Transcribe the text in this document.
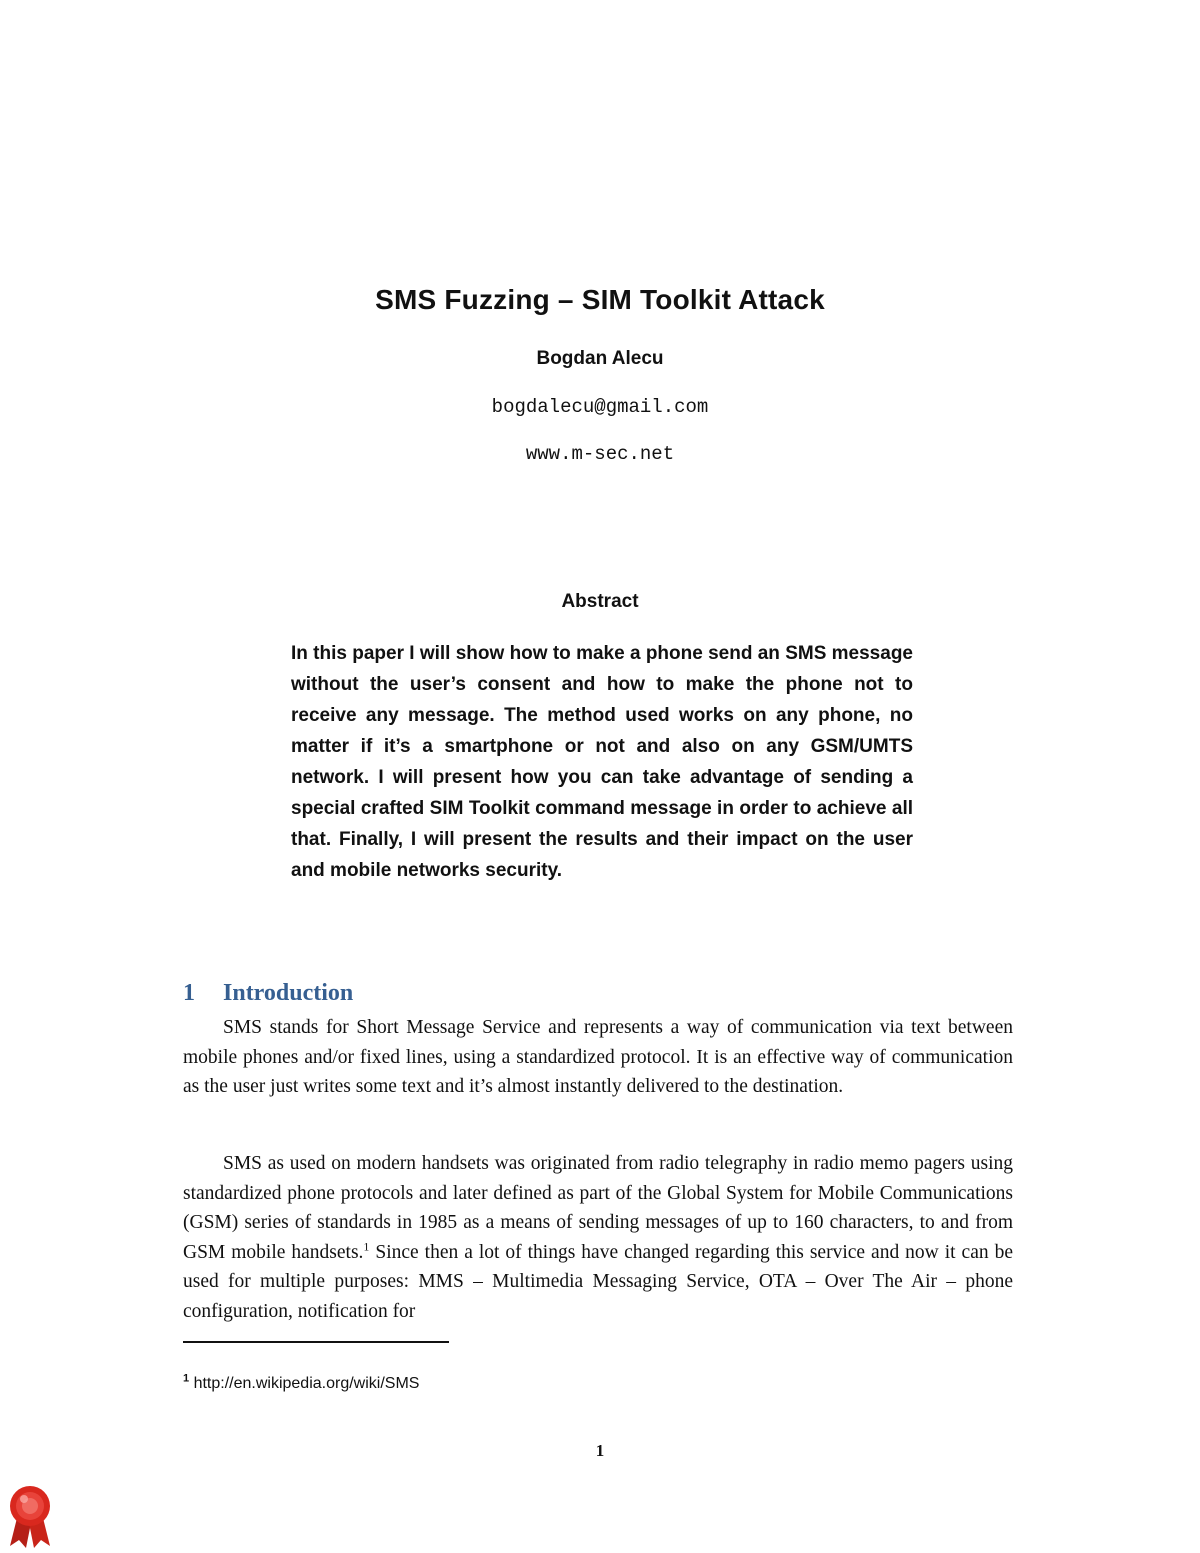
SMS Fuzzing – SIM Toolkit Attack
Bogdan Alecu
bogdalecu@gmail.com
www.m-sec.net
Abstract

In this paper I will show how to make a phone send an SMS message without the user’s consent and how to make the phone not to receive any message. The method used works on any phone, no matter if it’s a smartphone or not and also on any GSM/UMTS network. I will present how you can take advantage of sending a special crafted SIM Toolkit command message in order to achieve all that. Finally, I will present the results and their impact on the user and mobile networks security.

1 Introduction

SMS stands for Short Message Service and represents a way of communication via text between mobile phones and/or fixed lines, using a standardized protocol. It is an effective way of communication as the user just writes some text and it’s almost instantly delivered to the destination.

SMS as used on modern handsets was originated from radio telegraphy in radio memo pagers using standardized phone protocols and later defined as part of the Global System for Mobile Communications (GSM) series of standards in 1985 as a means of sending messages of up to 160 characters, to and from GSM mobile handsets.$^1$ Since then a lot of things have changed regarding this service and now it can be used for multiple purposes: MMS – Multimedia Messaging Service, OTA – Over The Air – phone configuration, notification for

$^1$ http://en.wikipedia.org/wiki/SMS

1
